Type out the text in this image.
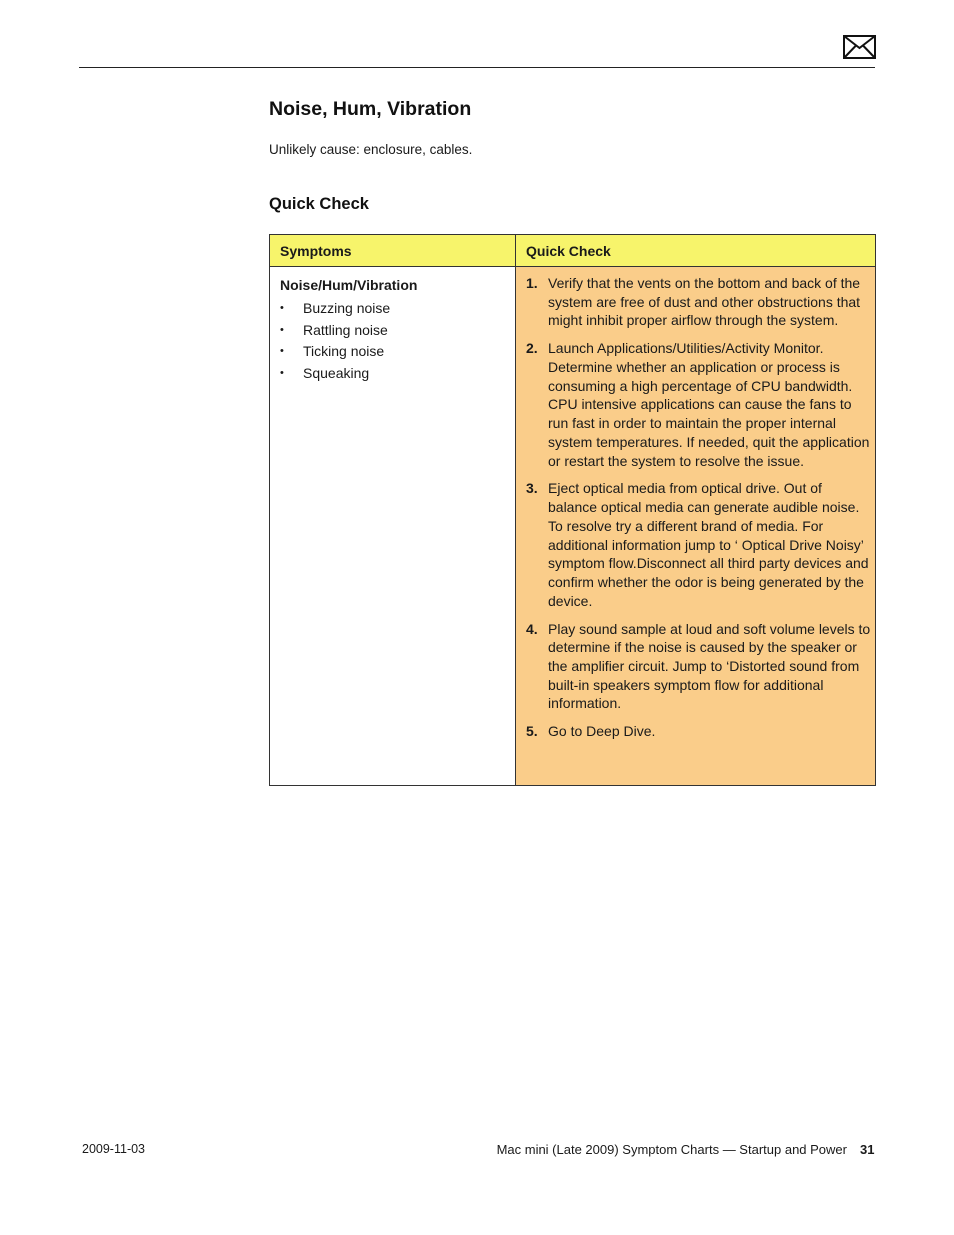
Noise, Hum, Vibration

Unlikely cause: enclosure, cables.

Quick Check
Symptoms	Quick Check
Noise/Hum/Vibration
• Buzzing noise
• Rattling noise
• Ticking noise
• Squeaking
1. Verify that the vents on the bottom and back of the system are free of dust and other obstructions that might inhibit proper airflow through the system.
2. Launch Applications/Utilities/Activity Monitor. Determine whether an application or process is consuming a high percentage of CPU bandwidth. CPU intensive applications can cause the fans to run fast in order to maintain the proper internal system temperatures. If needed, quit the application or restart the system to resolve the issue.
3. Eject optical media from optical drive. Out of balance optical media can generate audible noise. To resolve try a different brand of media. For additional information jump to ‘ Optical Drive Noisy’ symptom flow.Disconnect all third party devices and confirm whether the odor is being generated by the device.
4. Play sound sample at loud and soft volume levels to determine if the noise is caused by the speaker or the amplifier circuit. Jump to ‘Distorted sound from built-in speakers symptom flow for additional information.
5. Go to Deep Dive.
2009-11-03	Mac mini (Late 2009) Symptom Charts — Startup and Power 31
